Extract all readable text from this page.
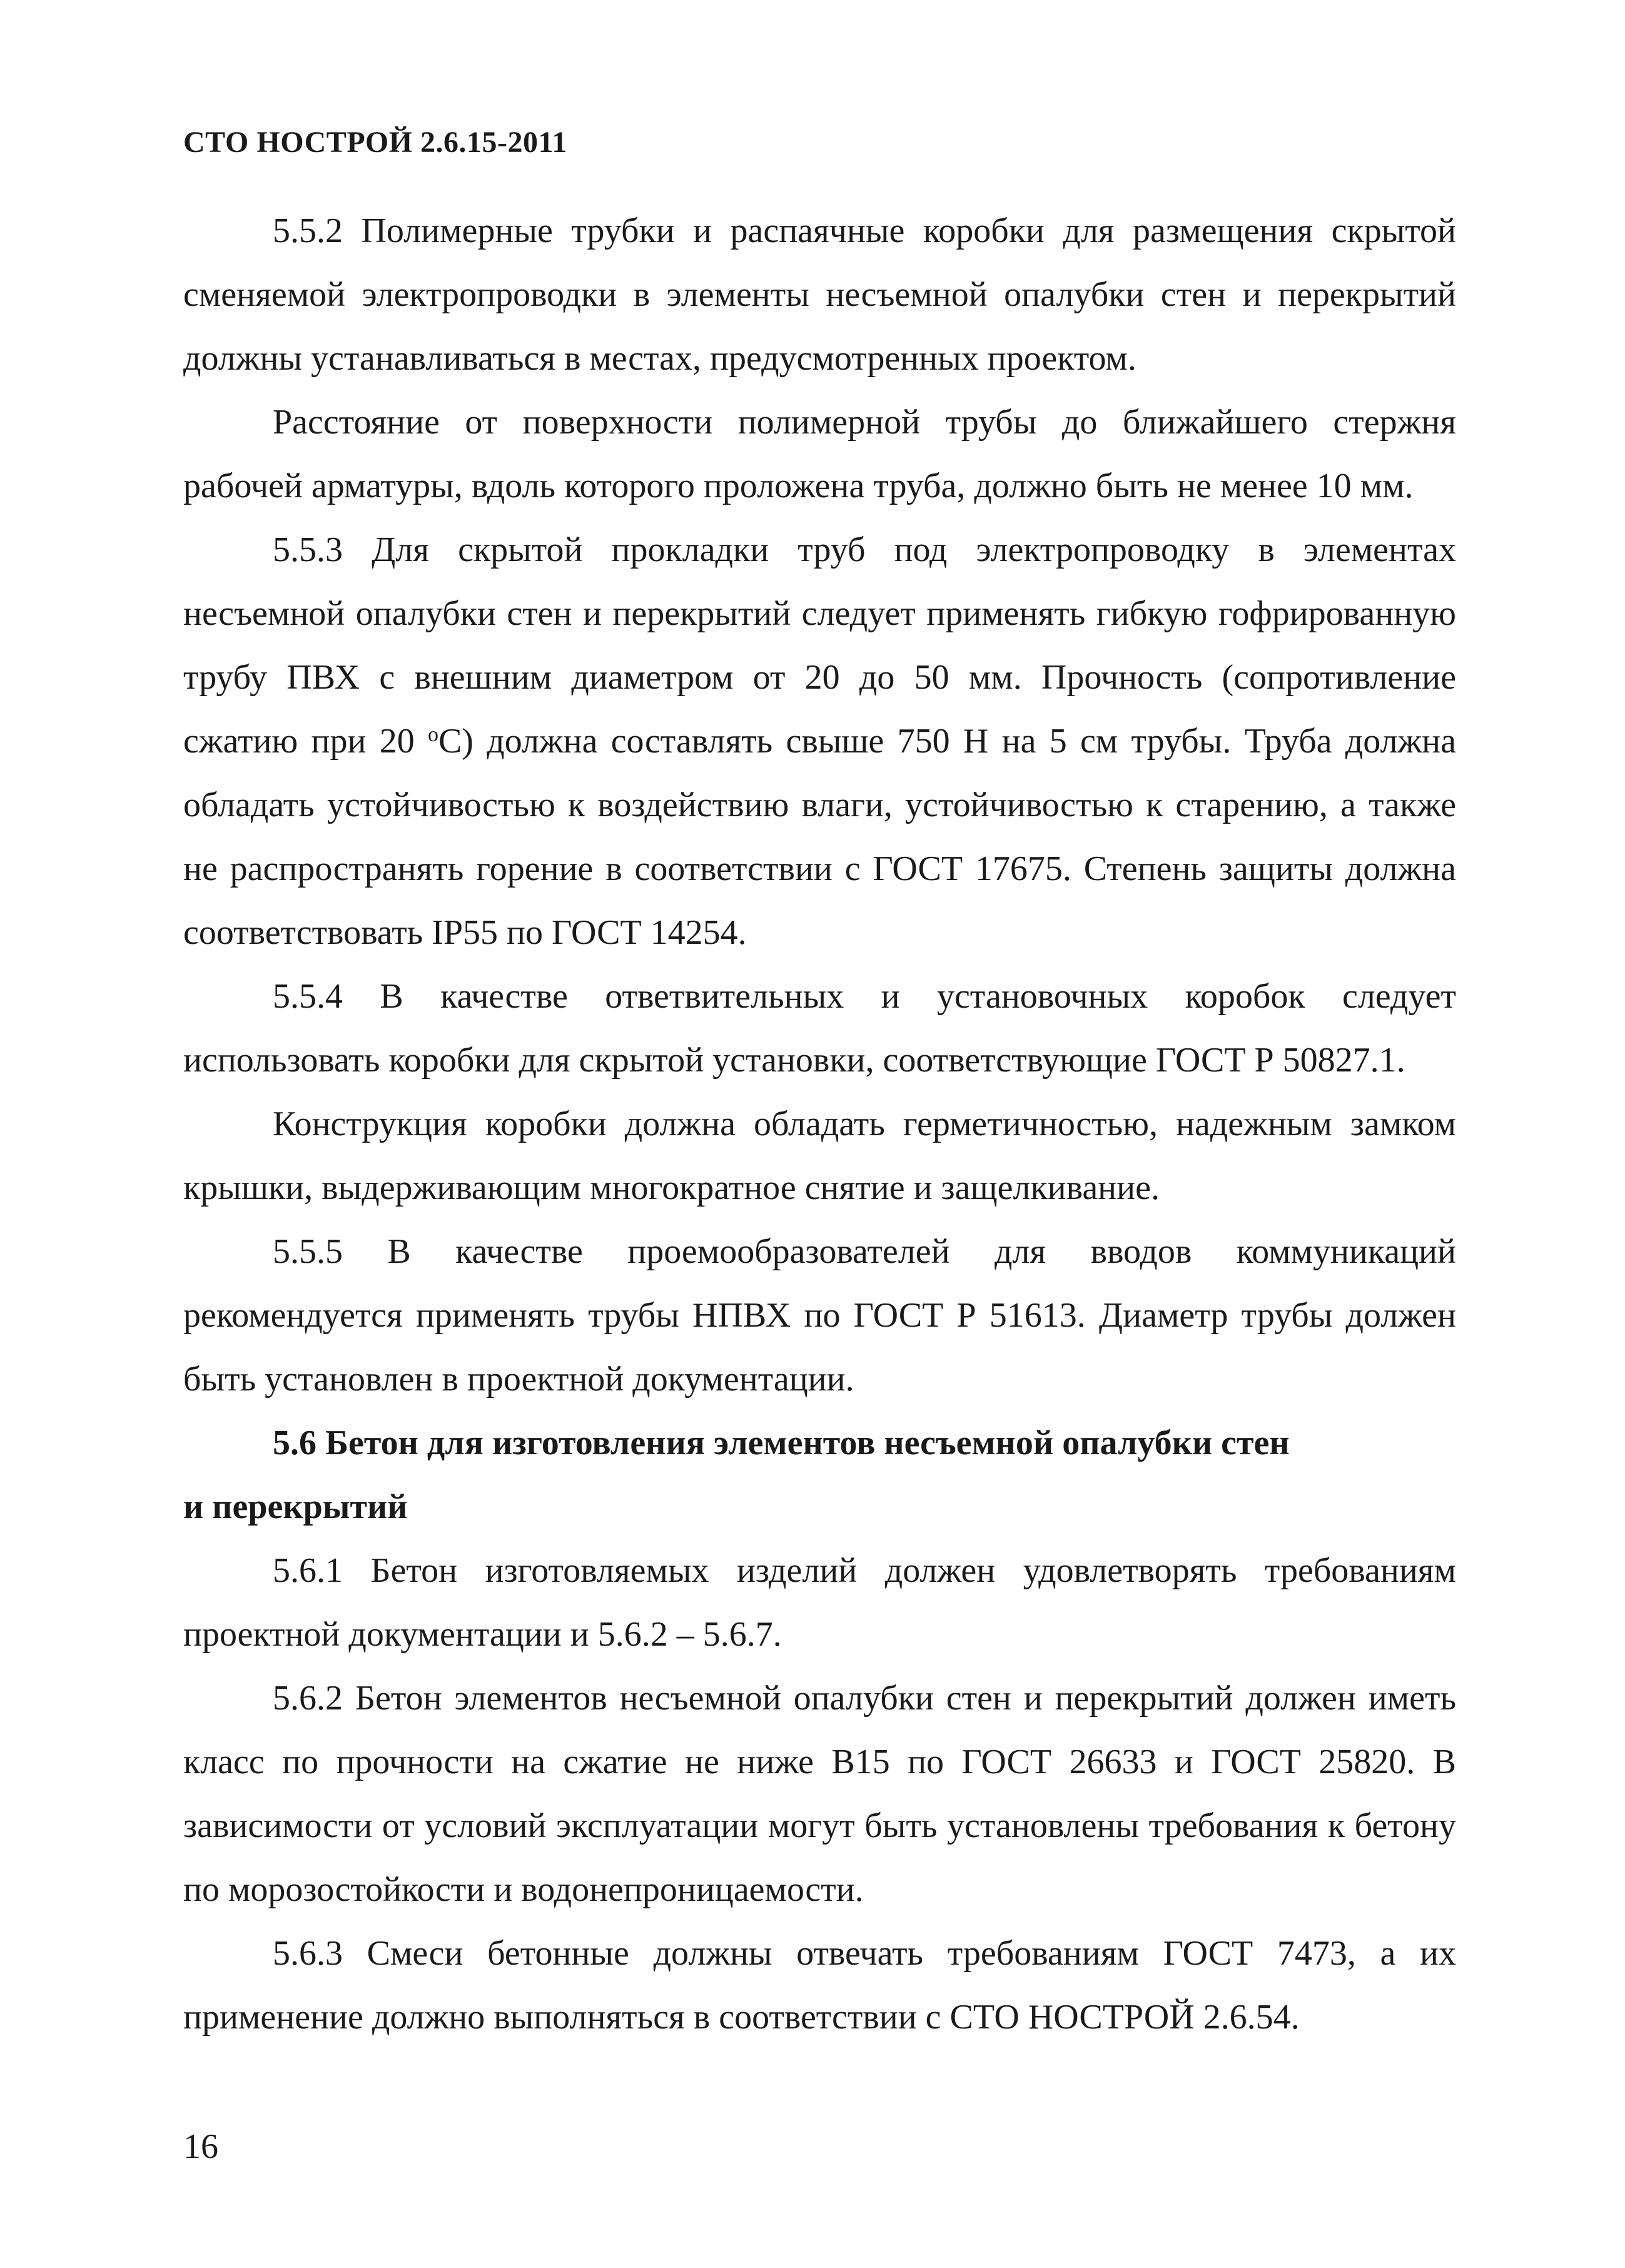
СТО НОСТРОЙ 2.6.15-2011

5.5.2 Полимерные трубки и распаячные коробки для размещения скрытой сменяемой электропроводки в элементы несъемной опалубки стен и перекрытий должны устанавливаться в местах, предусмотренных проектом.

Расстояние от поверхности полимерной трубы до ближайшего стержня рабочей арматуры, вдоль которого проложена труба, должно быть не менее 10 мм.

5.5.3 Для скрытой прокладки труб под электропроводку в элементах несъемной опалубки стен и перекрытий следует применять гибкую гофрированную трубу ПВХ с внешним диаметром от 20 до 50 мм. Прочность (сопротивление сжатию при 20 $^о$С) должна составлять свыше 750 Н на 5 см трубы. Труба должна обладать устойчивостью к воздействию влаги, устойчивостью к старению, а также не распространять горение в соответствии с ГОСТ 17675. Степень защиты должна соответствовать IP55 по ГОСТ 14254.

5.5.4 В качестве ответвительных и установочных коробок следует использовать коробки для скрытой установки, соответствующие ГОСТ Р 50827.1.

Конструкция коробки должна обладать герметичностью, надежным замком крышки, выдерживающим многократное снятие и защелкивание.

5.5.5 В качестве проемообразователей для вводов коммуникаций рекомендуется применять трубы НПВХ по ГОСТ Р 51613. Диаметр трубы должен быть установлен в проектной документации.

5.6 Бетон для изготовления элементов несъемной опалубки стен
и перекрытий

5.6.1 Бетон изготовляемых изделий должен удовлетворять требованиям проектной документации и 5.6.2 – 5.6.7.

5.6.2 Бетон элементов несъемной опалубки стен и перекрытий должен иметь класс по прочности на сжатие не ниже В15 по ГОСТ 26633 и ГОСТ 25820. В зависимости от условий эксплуатации могут быть установлены требования к бетону по морозостойкости и водонепроницаемости.

5.6.3 Смеси бетонные должны отвечать требованиям ГОСТ 7473, а их применение должно выполняться в соответствии с СТО НОСТРОЙ 2.6.54.

16
